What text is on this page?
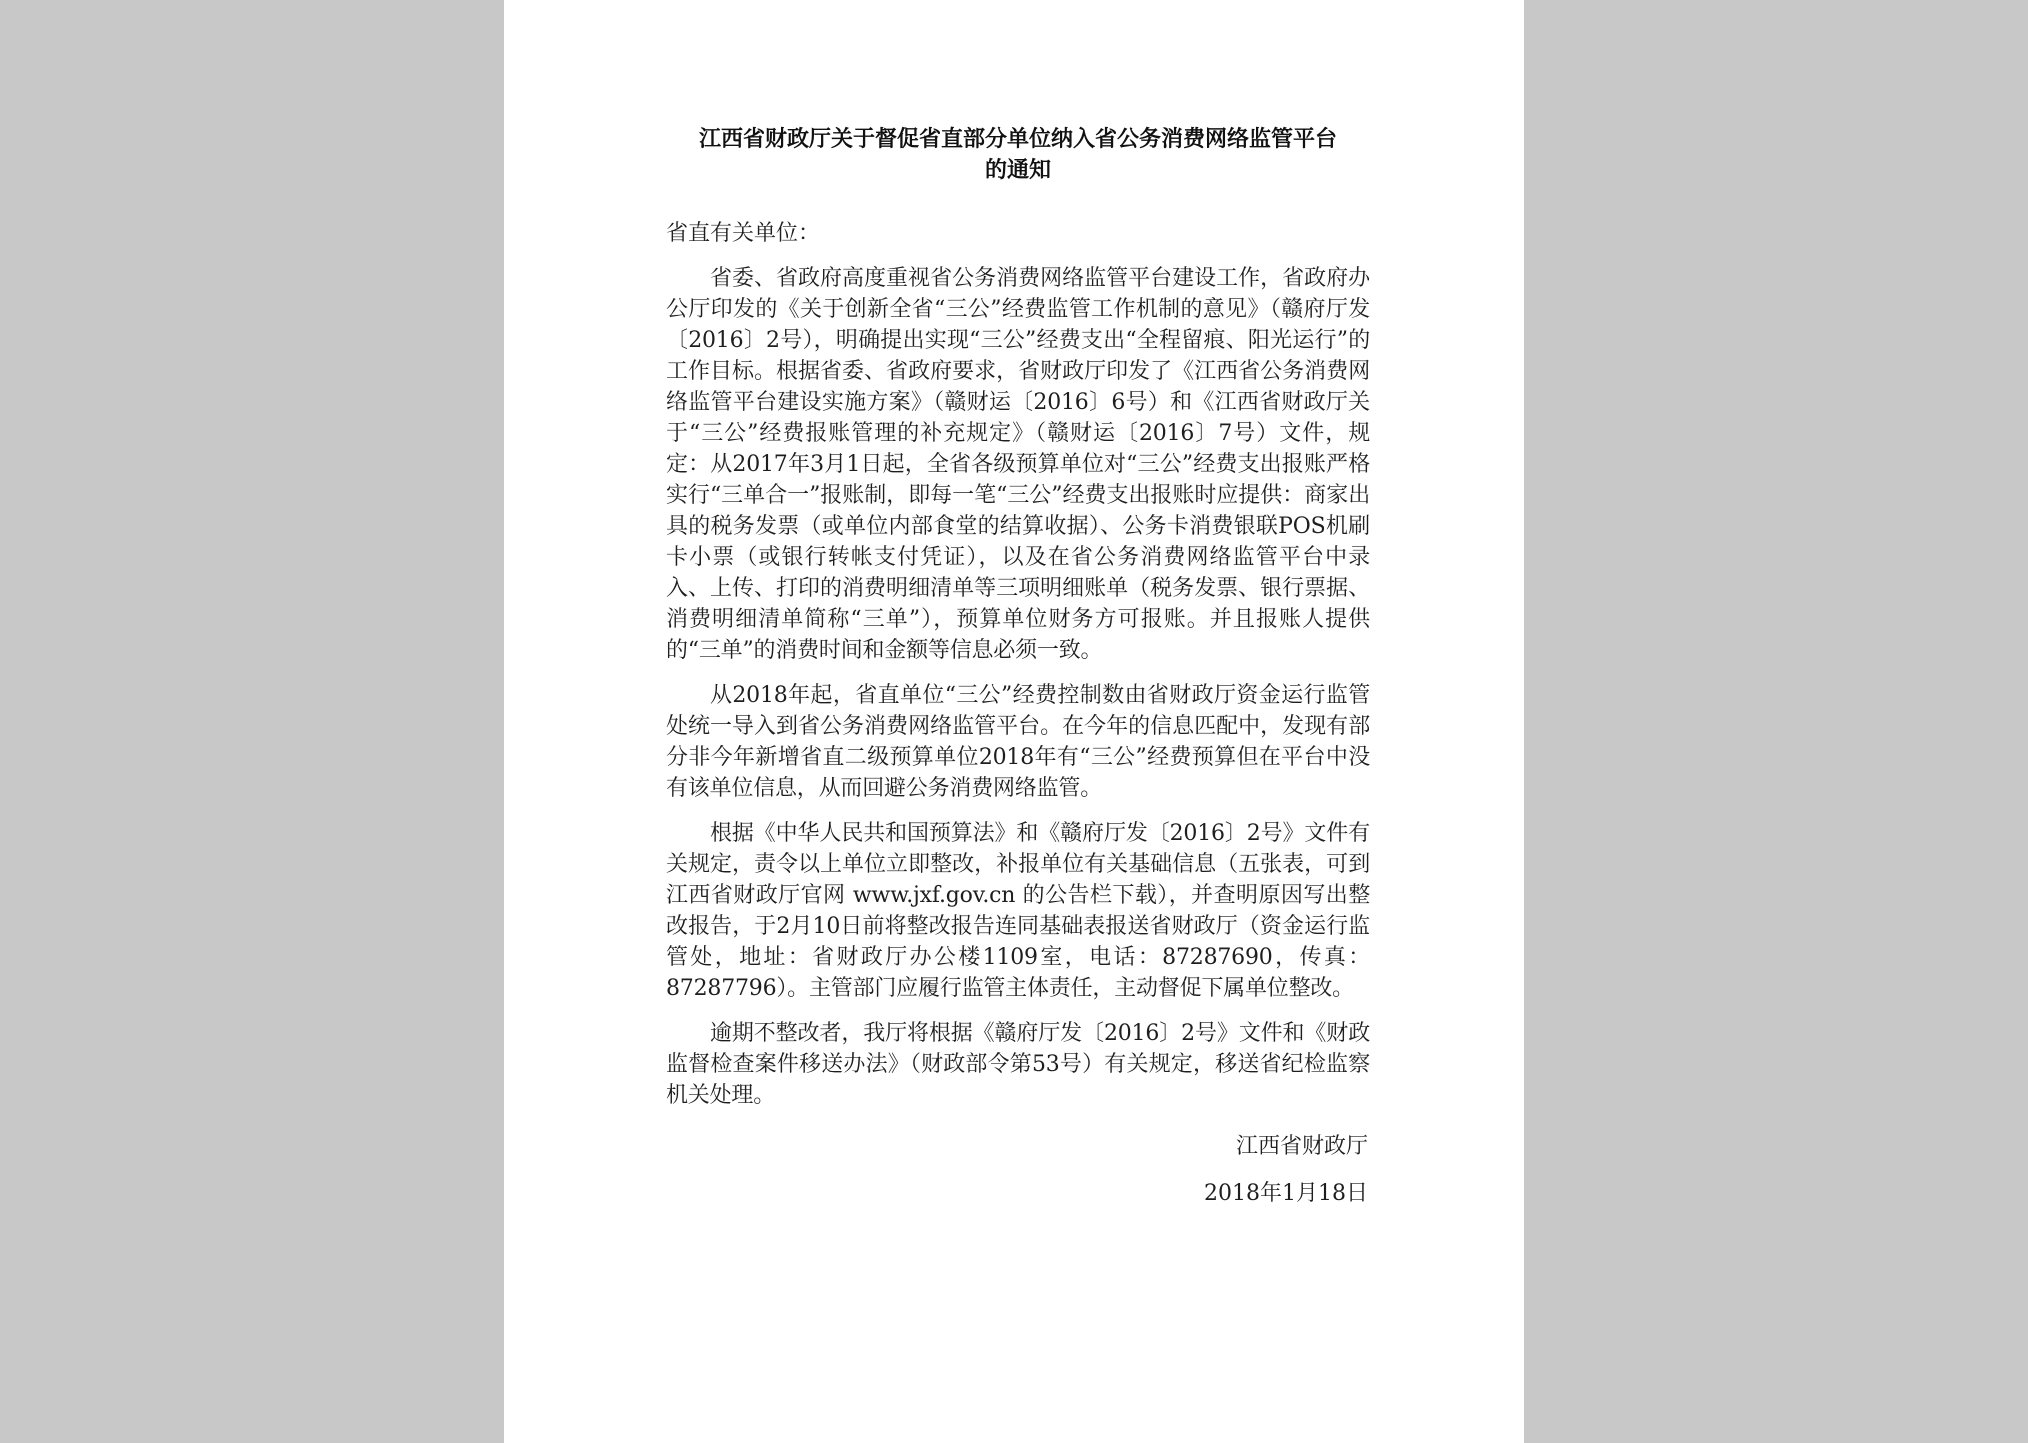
江西省财政厅关于督促省直部分单位纳入省公务消费网络监管平台
的通知

省直有关单位：

省委、省政府高度重视省公务消费网络监管平台建设工作，省政府办公厅印发的《关于创新全省“三公”经费监管工作机制的意见》（赣府厅发〔2016〕2号），明确提出实现“三公”经费支出“全程留痕、阳光运行”的工作目标。根据省委、省政府要求，省财政厅印发了《江西省公务消费网络监管平台建设实施方案》（赣财运〔2016〕6号）和《江西省财政厅关于“三公”经费报账管理的补充规定》（赣财运〔2016〕7号）文件，规定：从2017年3月1日起，全省各级预算单位对“三公”经费支出报账严格实行“三单合一”报账制，即每一笔“三公”经费支出报账时应提供：商家出具的税务发票（或单位内部食堂的结算收据）、公务卡消费银联POS机刷卡小票（或银行转帐支付凭证），以及在省公务消费网络监管平台中录入、上传、打印的消费明细清单等三项明细账单（税务发票、银行票据、消费明细清单简称“三单”），预算单位财务方可报账。并且报账人提供的“三单”的消费时间和金额等信息必须一致。

从2018年起，省直单位“三公”经费控制数由省财政厅资金运行监管处统一导入到省公务消费网络监管平台。在今年的信息匹配中，发现有部分非今年新增省直二级预算单位2018年有“三公”经费预算但在平台中没有该单位信息，从而回避公务消费网络监管。

根据《中华人民共和国预算法》和《赣府厅发〔2016〕2号》文件有关规定，责令以上单位立即整改，补报单位有关基础信息（五张表，可到江西省财政厅官网 www.jxf.gov.cn 的公告栏下载），并查明原因写出整改报告，于2月10日前将整改报告连同基础表报送省财政厅（资金运行监管处，地址：省财政厅办公楼1109室，电话：87287690，传真：87287796）。主管部门应履行监管主体责任，主动督促下属单位整改。

逾期不整改者，我厅将根据《赣府厅发〔2016〕2号》文件和《财政监督检查案件移送办法》（财政部令第53号）有关规定，移送省纪检监察机关处理。

江西省财政厅
2018年1月18日
